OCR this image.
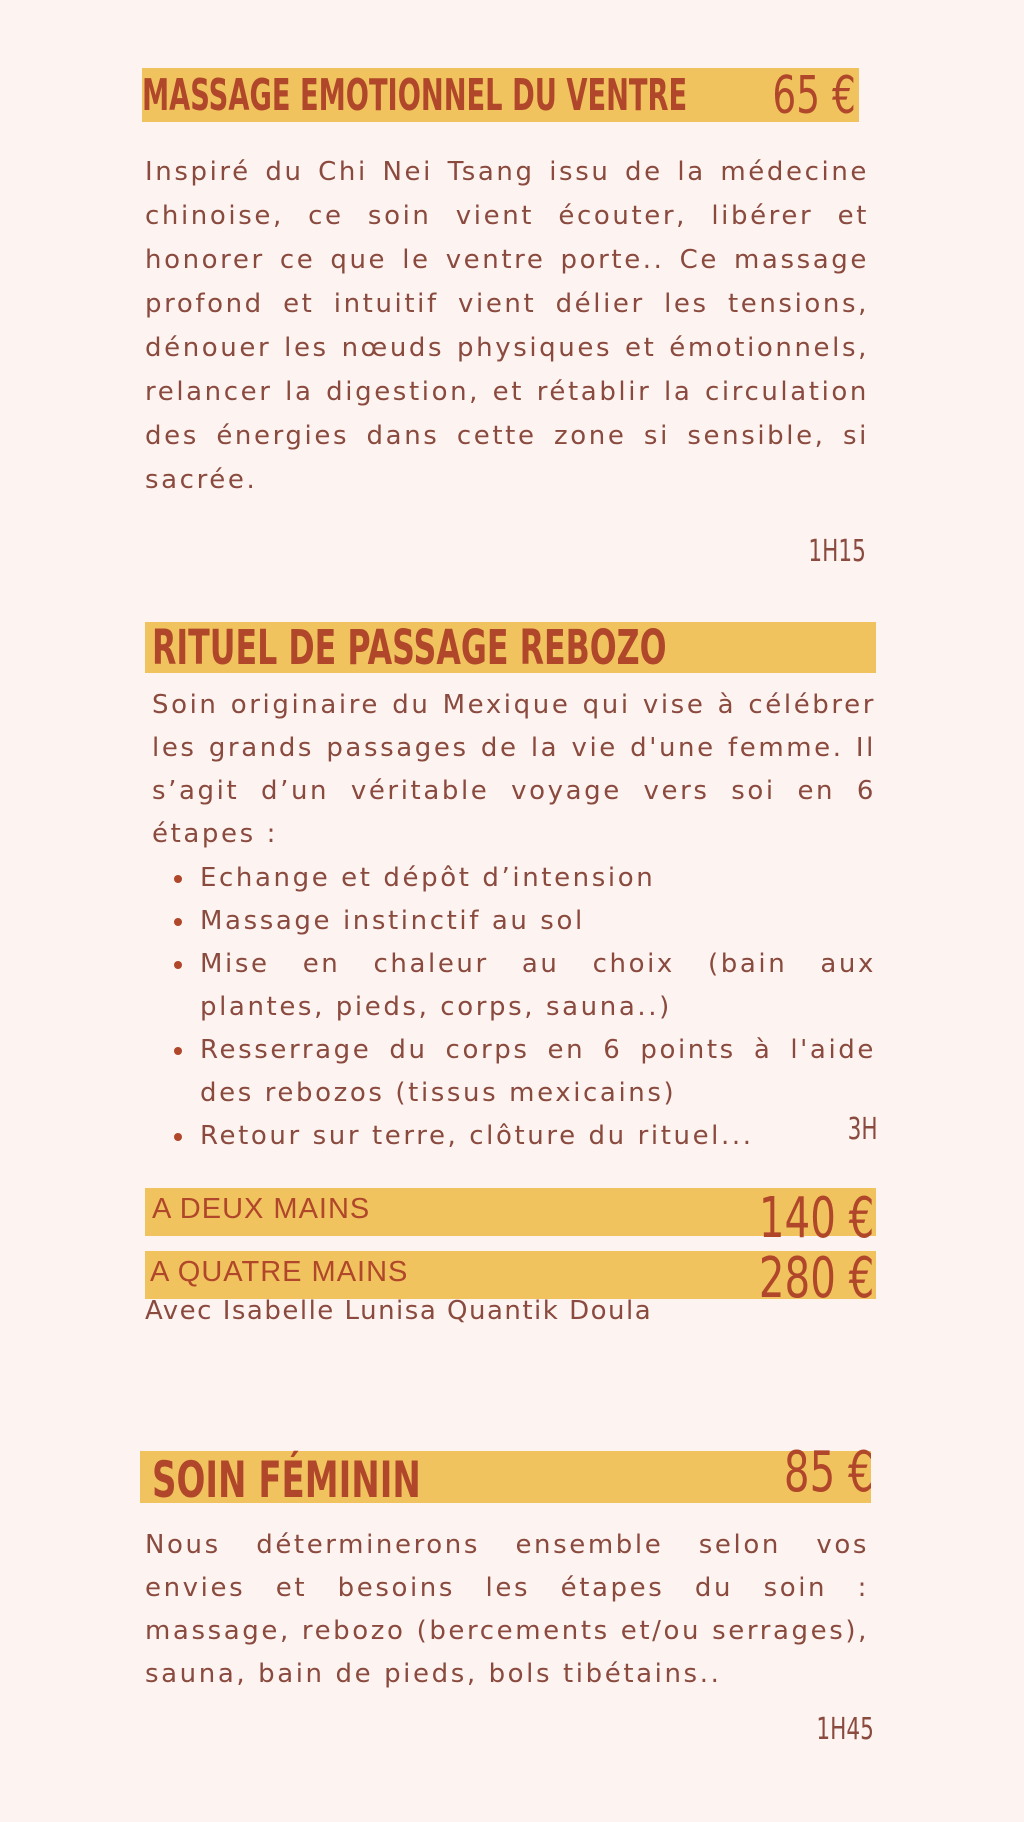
MASSAGE EMOTIONNEL DU VENTRE 65 €

Inspiré du Chi Nei Tsang issu de la médecine chinoise, ce soin vient écouter, libérer et honorer ce que le ventre porte.. Ce massage profond et intuitif vient délier les tensions, dénouer les nœuds physiques et émotionnels, relancer la digestion, et rétablir la circulation des énergies dans cette zone si sensible, si sacrée.

1H15
RITUEL DE PASSAGE REBOZO

Soin originaire du Mexique qui vise à célébrer les grands passages de la vie d'une femme. Il s’agit d’un véritable voyage vers soi en 6 étapes :

Echange et dépôt d’intension
Massage instinctif au sol
Mise en chaleur au choix (bain aux plantes, pieds, corps, sauna..)
Resserrage du corps en 6 points à l'aide des rebozos (tissus mexicains)
Retour sur terre, clôture du rituel...	3H
A DEUX MAINS	140 €
A QUATRE MAINS	280 €
Avec Isabelle Lunisa Quantik Doula
SOIN FÉMININ	85 €

Nous déterminerons ensemble selon vos envies et besoins les étapes du soin : massage, rebozo (bercements et/ou serrages), sauna, bain de pieds, bols tibétains..

1H45
